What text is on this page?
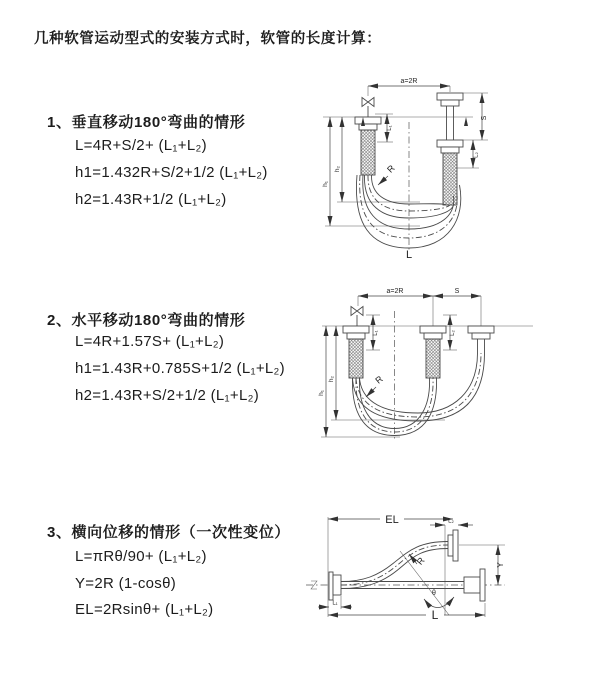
几种软管运动型式的安装方式时，软管的长度计算：
1、垂直移动180°弯曲的情形
L=4R+S/2+ (L₁+L₂)
h1=1.432R+S/2+1/2 (L₁+L₂)
h2=1.43R+1/2 (L₁+L₂)
a=2R
L₁
S
L₂
h₁
h₂	R
L
2、水平移动180°弯曲的情形
L=4R+1.57S+ (L₁+L₂)
h1=1.43R+0.785S+1/2 (L₁+L₂)
h2=1.43R+S/2+1/2 (L₁+L₂)
a=2R	S
L₁	L₂
h₁
h₂	R
3、横向位移的情形（一次性变位）
L=πRθ/90+ (L₁+L₂)
Y=2R (1-cosθ)
EL=2Rsinθ+ (L₁+L₂)
EL	L₂
Y
R
θ
L₁
L
